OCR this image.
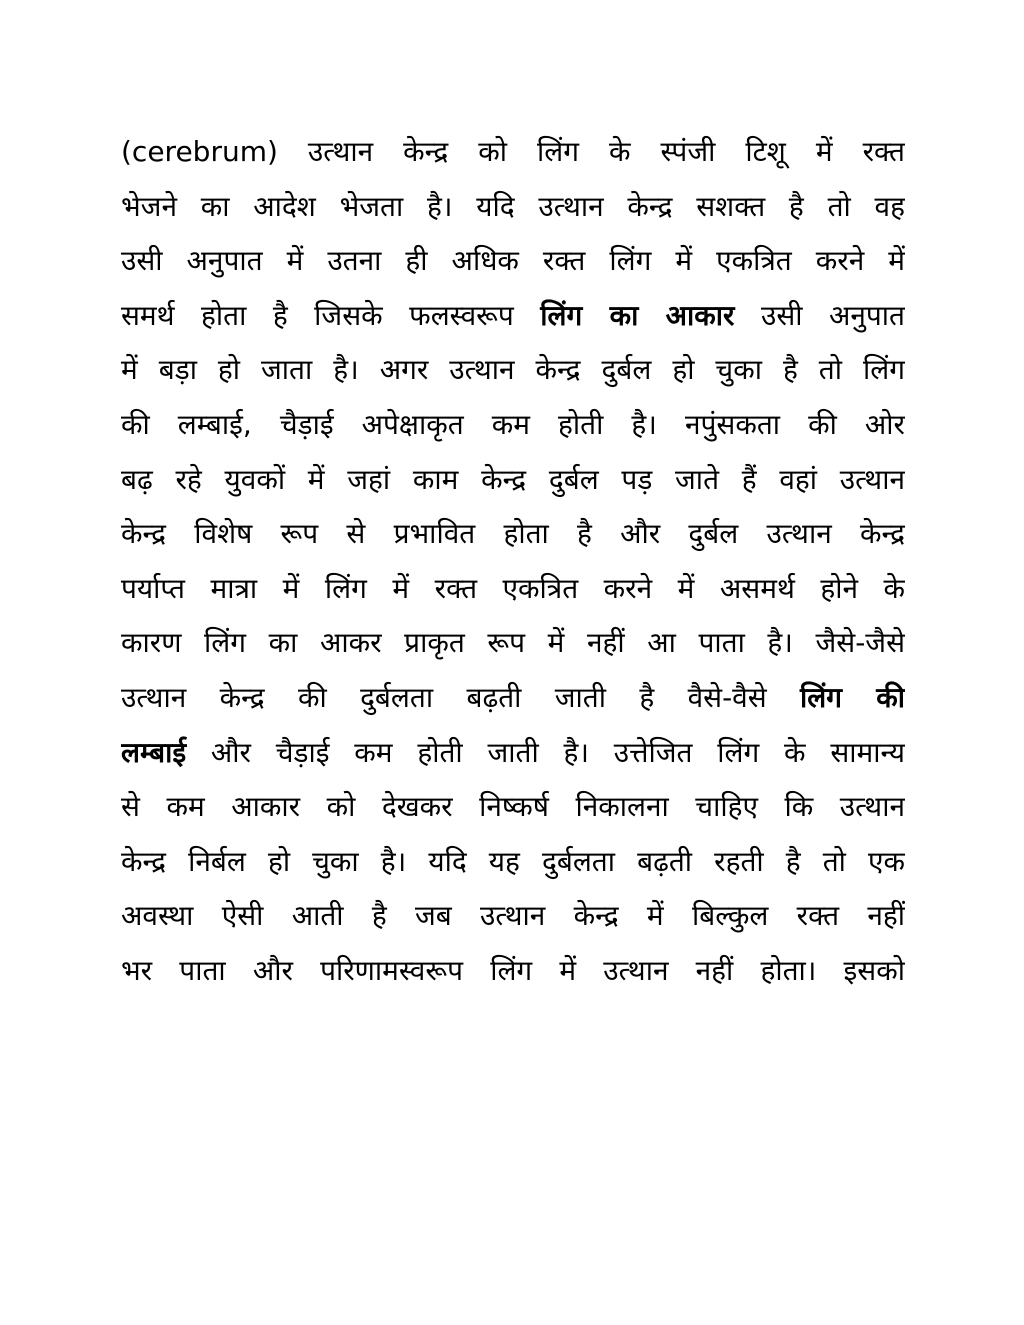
(cerebrum) उत्थान केन्द्र को लिंग के स्पंजी टिशू में रक्त
भेजने का आदेश भेजता है। यदि उत्थान केन्द्र सशक्त है तो वह
उसी अनुपात में उतना ही अधिक रक्त लिंग में एकत्रित करने में
समर्थ होता है जिसके फलस्वरूप लिंग का आकार उसी अनुपात
में बड़ा हो जाता है। अगर उत्थान केन्द्र दुर्बल हो चुका है तो लिंग
की लम्बाई, चैड़ाई अपेक्षाकृत कम होती है। नपुंसकता की ओर
बढ़ रहे युवकों में जहां काम केन्द्र दुर्बल पड़ जाते हैं वहां उत्थान
केन्द्र विशेष रूप से प्रभावित होता है और दुर्बल उत्थान केन्द्र
पर्याप्त मात्रा में लिंग में रक्त एकत्रित करने में असमर्थ होने के
कारण लिंग का आकर प्राकृत रूप में नहीं आ पाता है। जैसे-जैसे
उत्थान केन्द्र की दुर्बलता बढ़ती जाती है वैसे-वैसे लिंग की
लम्बाई और चैड़ाई कम होती जाती है। उत्तेजित लिंग के सामान्य
से कम आकार को देखकर निष्कर्ष निकालना चाहिए कि उत्थान
केन्द्र निर्बल हो चुका है। यदि यह दुर्बलता बढ़ती रहती है तो एक
अवस्था ऐसी आती है जब उत्थान केन्द्र में बिल्कुल रक्त नहीं
भर पाता और परिणामस्वरूप लिंग में उत्थान नहीं होता। इसको
